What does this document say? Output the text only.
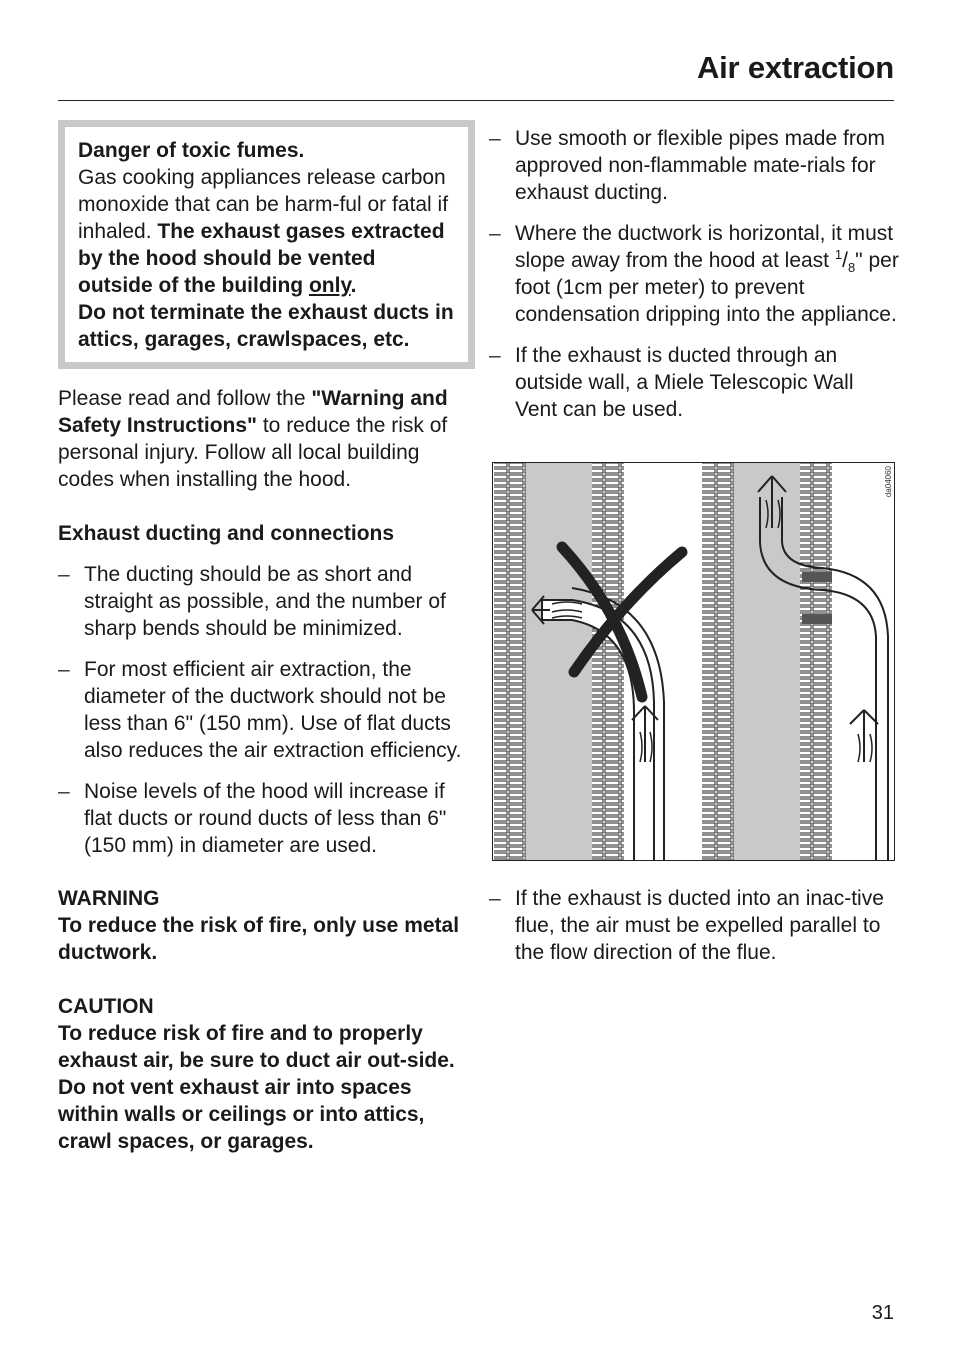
Air extraction

Danger of toxic fumes.

Gas cooking appliances release carbon monoxide that can be harm-ful or fatal if inhaled. The exhaust gases extracted by the hood should be vented outside of the building only.

Do not terminate the exhaust ducts in attics, garages, crawlspaces, etc.

Please read and follow the "Warning and Safety Instructions" to reduce the risk of personal injury. Follow all local building codes when installing the hood.

Exhaust ducting and connections

– The ducting should be as short and straight as possible, and the number of sharp bends should be minimized.
– For most efficient air extraction, the diameter of the ductwork should not be less than 6" (150 mm). Use of flat ducts also reduces the air extraction efficiency.
– Noise levels of the hood will increase if flat ducts or round ducts of less than 6" (150 mm) in diameter are used.

WARNING

To reduce the risk of fire, only use metal ductwork.

CAUTION

To reduce risk of fire and to properly exhaust air, be sure to duct air out-side. Do not vent exhaust air into spaces within walls or ceilings or into attics, crawl spaces, or garages.

– Use smooth or flexible pipes made from approved non-flammable mate-rials for exhaust ducting.
– Where the ductwork is horizontal, it must slope away from the hood at least $^1/_8$" per foot (1cm per meter) to prevent condensation dripping into the appliance.
– If the exhaust is ducted through an outside wall, a Miele Telescopic Wall Vent can be used.
da04060
– If the exhaust is ducted into an inac-tive flue, the air must be expelled parallel to the flow direction of the flue.
31
